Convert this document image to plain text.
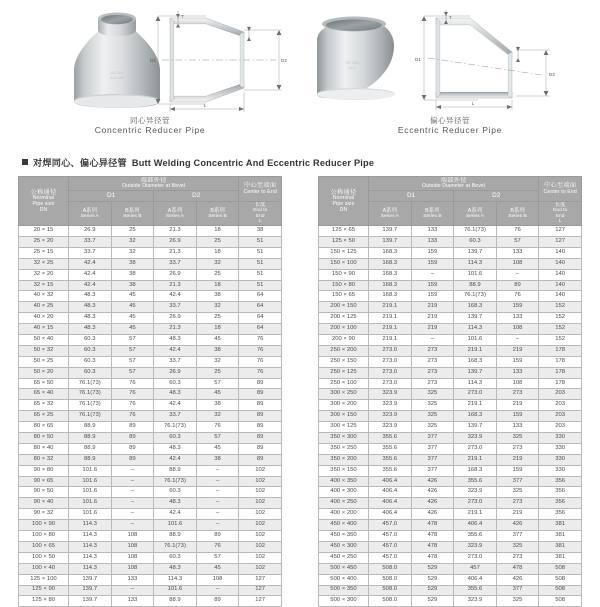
SS 304
A403 WP
T
D1	D2
L
同心异径管
Concentric Reducer Pipe
SS 316
A403
T
D1
D2
L
偏心异径管
Eccentric Reducer Pipe
对焊同心、偏心异径管 Butt Welding Concentric And Eccentric Reducer Pipe
公称通径
Norminal
Pipe size
DN	端部外径
Outside Diameter at Bevel				中心至端面
Center to End

	D1		D2		

	A系列
Series A	B系列
Series B	A系列
Series A	B系列
Series B	长度
End to
End
L

20 × 15	26.9	25	21.3	18	38
25 × 20	33.7	32	26.9	25	51
25 × 15	33.7	32	21.3	18	51
32 × 25	42.4	38	33.7	32	51
32 × 20	42.4	38	26.9	25	51
32 × 15	42.4	38	21.3	18	51
40 × 32	48.3	45	42.4	38	64
40 × 25	48.3	45	33.7	32	64
40 × 20	48.3	45	26.9	25	64
40 × 15	48.3	45	21.3	18	64
50 × 40	60.3	57	48.3	45	76
50 × 32	60.3	57	42.4	38	76
50 × 25	60.3	57	33.7	32	76
50 × 20	60.3	57	26.9	25	76
65 × 50	76.1(73)	76	60.3	57	89
65 × 40	76.1(73)	76	48.3	45	89
65 × 32	76.1(73)	76	42.4	38	89
65 × 25	76.1(73)	76	33.7	32	89
80 × 65	88.9	89	76.1(73)	76	89
80 × 50	88.9	89	60.3	57	89
80 × 40	88.9	89	48.3	45	89
80 × 32	88.9	89	42.4	38	89
90 × 80	101.6	–	88.9	–	102
90 × 65	101.6	–	76.1(73)	–	102
90 × 50	101.6	–	60.3	–	102
90 × 40	101.6	–	48.3	–	102
90 × 32	101.6	–	42.4	–	102
100 × 90	114.3	–	101.6	–	102
100 × 80	114.3	108	88.9	89	102
100 × 65	114.3	108	76.1(73)	76	102
100 × 50	114.3	108	60.3	57	102
100 × 40	114.3	108	48.3	45	102
125 × 100	139.7	133	114.3	108	127
125 × 90	139.7	–	101.6	–	127
125 × 80	139.7	133	88.9	89	127
公称通径
Norminal
Pipe size
DN	端部外径
Outside Diameter at Bevel				中心至端面
Center to End

	D1		D2		

	A系列
Series A	B系列
Series B	A系列
Series A	B系列
Series B	长度
End to
End
L

125 × 65	139.7	133	76.1(73)	76	127
125 × 50	139.7	133	60.3	57	127
150 × 125	168.3	159	139.7	133	140
150 × 100	168.3	159	114.3	108	140
150 × 90	168.3	–	101.6	–	140
150 × 80	168.3	159	88.9	89	140
150 × 65	168.3	159	76.1(73)	76	140
200 × 150	219.1	219	168.3	159	152
200 × 125	219.1	219	139.7	133	152
200 × 100	219.1	219	114.3	108	152
200 × 90	219.1	–	101.6	–	152
250 × 200	273.0	273	219.1	219	178
250 × 150	273.0	273	168.3	159	178
250 × 125	273.0	273	139.7	133	178
250 × 100	273.0	273	114.3	108	178
300 × 250	323.9	325	273.0	273	203
300 × 200	323.9	325	219.1	219	203
300 × 150	323.9	325	168.3	159	203
300 × 125	323.9	325	139.7	133	203
350 × 300	355.6	377	323.9	325	330
350 × 250	355.6	377	273.0	273	330
350 × 200	355.6	377	219.1	219	330
350 × 150	355.6	377	168.3	159	330
400 × 350	406.4	426	355.6	377	356
400 × 300	406.4	426	323.9	325	356
400 × 250	406.4	426	273.0	273	356
400 × 200	406.4	426	219.1	219	356
450 × 400	457.0	478	406.4	426	381
450 × 350	457.0	478	355.6	377	381
450 × 300	457.0	478	323.9	325	381
450 × 250	457.0	478	273.0	273	381
500 × 450	508.0	529	457	478	508
500 × 400	508.0	529	406.4	426	508
500 × 350	508.0	529	355.6	377	508
500 × 300	508.0	529	323.9	325	508
